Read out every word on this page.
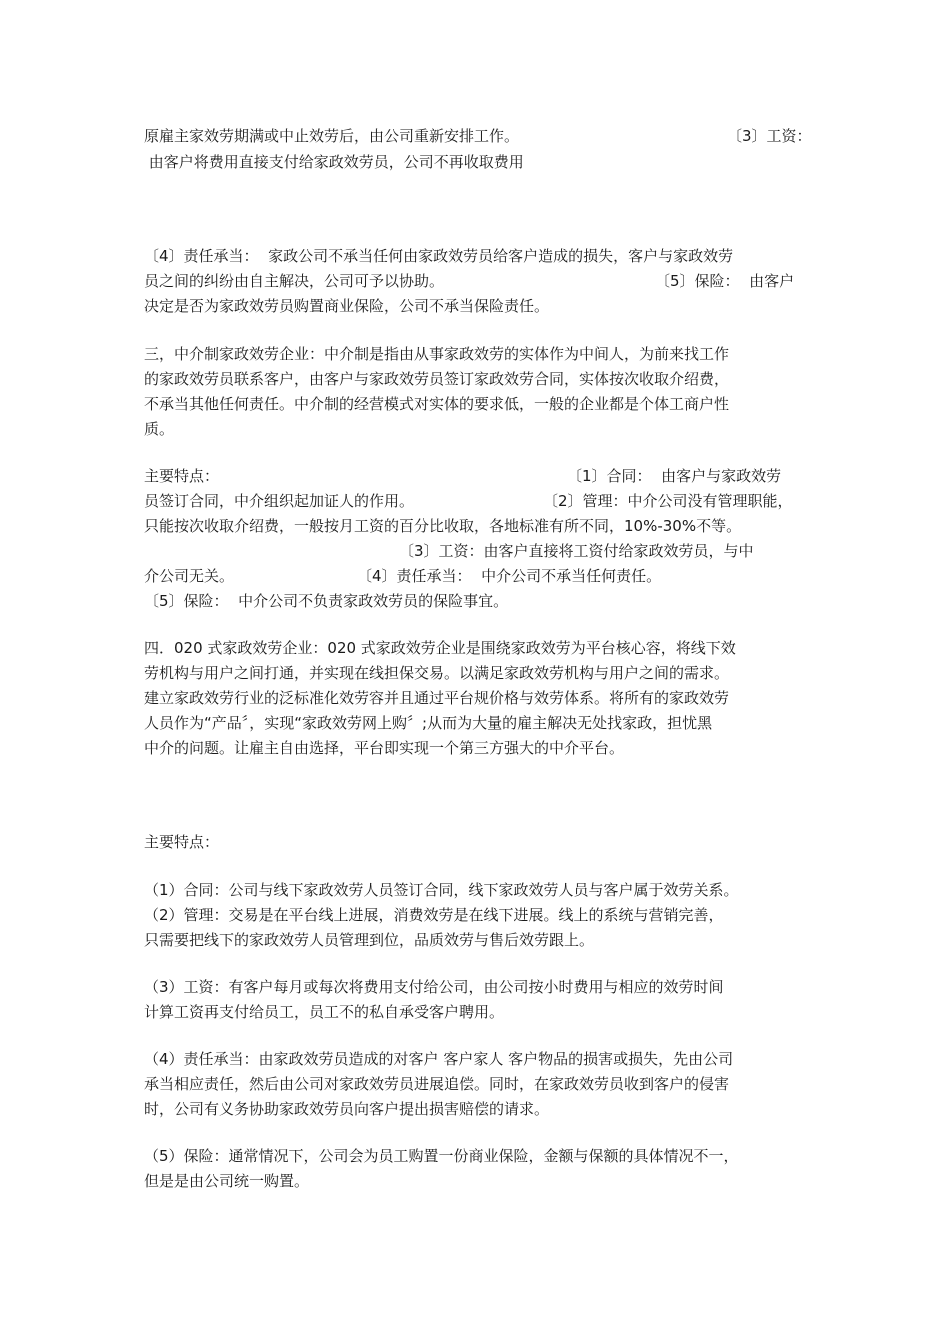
原雇主家效劳期满或中止效劳后，由公司重新安排工作。	〔3〕工资：
由客户将费用直接支付给家政效劳员，公司不再收取费用
〔4〕责任承当：  家政公司不承当任何由家政效劳员给客户造成的损失，客户与家政效劳
员之间的纠纷由自主解决，公司可予以协助。	〔5〕保险：  由客户
决定是否为家政效劳员购置商业保险，公司不承当保险责任。
三，中介制家政效劳企业：中介制是指由从事家政效劳的实体作为中间人，为前来找工作
的家政效劳员联系客户，由客户与家政效劳员签订家政效劳合同，实体按次收取介绍费，
不承当其他任何责任。中介制的经营模式对实体的要求低，一般的企业都是个体工商户性
质。
主要特点：	〔1〕合同：  由客户与家政效劳
员签订合同，中介组织起加证人的作用。	〔2〕管理：中介公司没有管理职能，
只能按次收取介绍费，一般按月工资的百分比收取，各地标准有所不同，10%-30%不等。
〔3〕工资：由客户直接将工资付给家政效劳员，与中
介公司无关。	〔4〕责任承当：  中介公司不承当任何责任。
〔5〕保险：  中介公司不负责家政效劳员的保险事宜。
四．020 式家政效劳企业：020 式家政效劳企业是围绕家政效劳为平台核心容，将线下效
劳机构与用户之间打通，并实现在线担保交易。以满足家政效劳机构与用户之间的需求。
建立家政效劳行业的泛标准化效劳容并且通过平台规价格与效劳体系。将所有的家政效劳
人员作为“产品〞，实现“家政效劳网上购〞;从而为大量的雇主解决无处找家政，担忧黑
中介的问题。让雇主自由选择，平台即实现一个第三方强大的中介平台。
主要特点：
（1）合同：公司与线下家政效劳人员签订合同，线下家政效劳人员与客户属于效劳关系。
（2）管理：交易是在平台线上进展，消费效劳是在线下进展。线上的系统与营销完善，
只需要把线下的家政效劳人员管理到位，品质效劳与售后效劳跟上。
（3）工资：有客户每月或每次将费用支付给公司，由公司按小时费用与相应的效劳时间
计算工资再支付给员工，员工不的私自承受客户聘用。
（4）责任承当：由家政效劳员造成的对客户 客户家人 客户物品的损害或损失，先由公司
承当相应责任，然后由公司对家政效劳员进展追偿。同时，在家政效劳员收到客户的侵害
时，公司有义务协助家政效劳员向客户提出损害赔偿的请求。
（5）保险：通常情况下，公司会为员工购置一份商业保险，金额与保额的具体情况不一，
但是是由公司统一购置。
